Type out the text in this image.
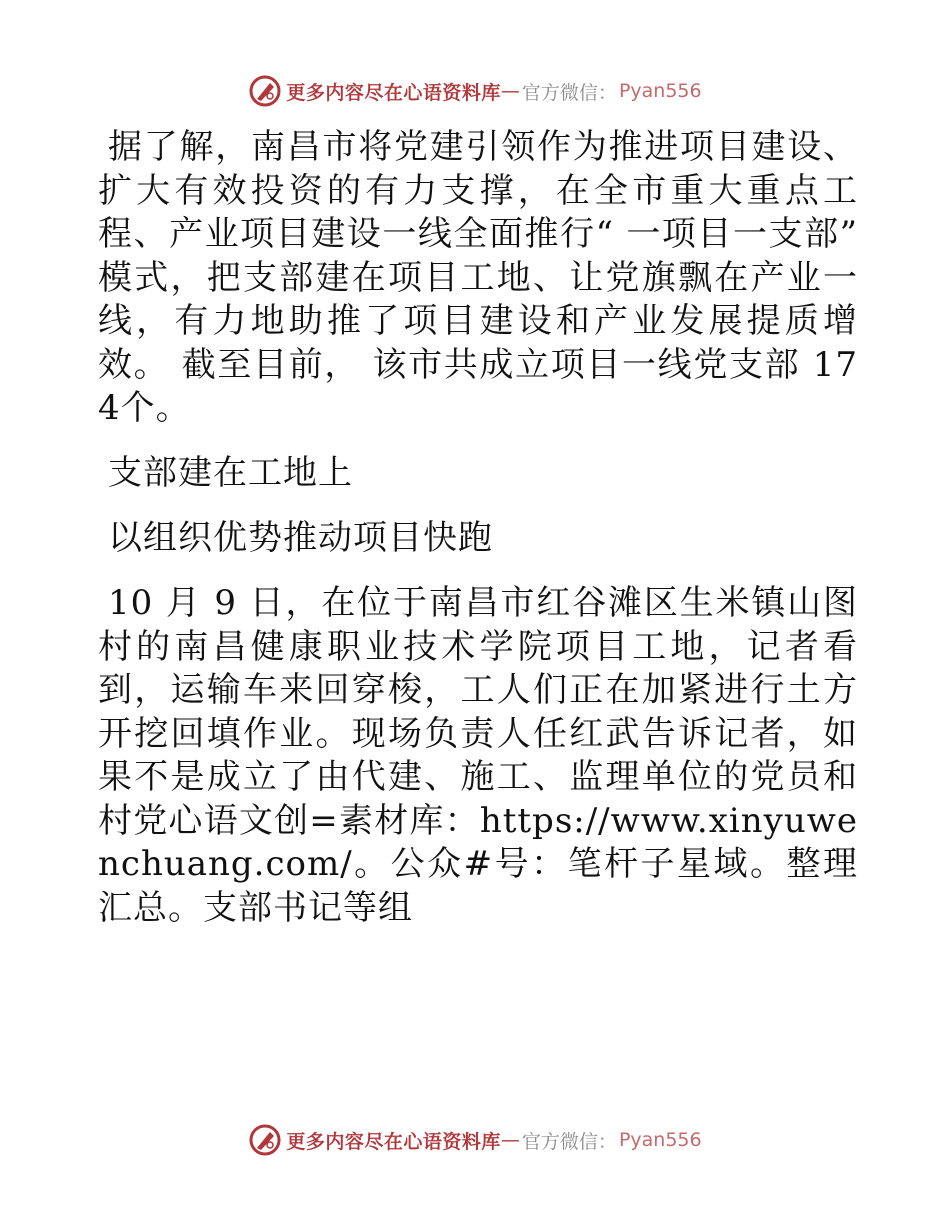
更多内容尽在心语资料库 — 官方微信： Pyan556

据了解，南昌市将党建引领作为推进项目建设、扩大有效投资的有力支撑，在全市重大重点工程、产业项目建设一线全面推行“ 一项目一支部” 模式，把支部建在项目工地、让党旗飘在产业一线，有力地助推了项目建设和产业发展提质增效。 截至目前， 该市共成立项目一线党支部 174个。

支部建在工地上

以组织优势推动项目快跑

10 月 9 日，在位于南昌市红谷滩区生米镇山图村的南昌健康职业技术学院项目工地，记者看到，运输车来回穿梭，工人们正在加紧进行土方开挖回填作业。现场负责人任红武告诉记者，如果不是成立了由代建、施工、监理单位的党员和村党心语文创=素材库：https://www.xinyuwenchuang.com/。公众#号：笔杆子星域。整理汇总。支部书记等组

更多内容尽在心语资料库 — 官方微信： Pyan556
